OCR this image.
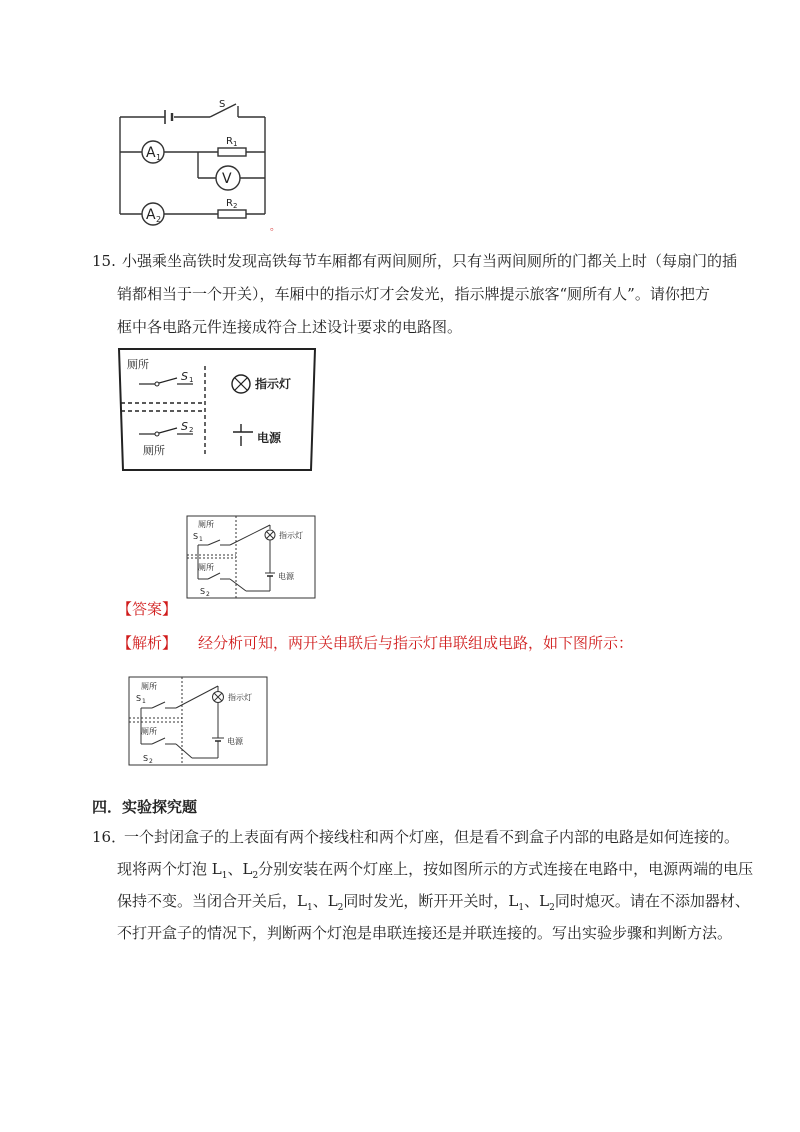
S
A 1
V
A 2
R 1
R 2
。
15. 小强乘坐高铁时发现高铁每节车厢都有两间厕所，只有当两间厕所的门都关上时（每扇门的插
销都相当于一个开关），车厢中的指示灯才会发光，指示牌提示旅客“厕所有人”。请你把方
框中各电路元件连接成符合上述设计要求的电路图。
厕所
S 1
S 2
厕所
指示灯
电源
厕所
S 1	指示灯
厕所
电源
S 2
【答案】
【解析】 经分析可知，两开关串联后与指示灯串联组成电路，如下图所示：
厕所
S 1	指示灯
厕所
电源
S 2
四．实验探究题
16．
一个封闭盒子的上表面有两个接线柱和两个灯座，但是看不到盒子内部的电路是如何连接的。
现将两个灯泡 $L_1$、$L_2$分别安装在两个灯座上，按如图所示的方式连接在电路中，电源两端的电压
保持不变。当闭合开关后，$L_1$、$L_2$同时发光，断开开关时，$L_1$、$L_2$同时熄灭。请在不添加器材、
不打开盒子的情况下，判断两个灯泡是串联连接还是并联连接的。写出实验步骤和判断方法。
